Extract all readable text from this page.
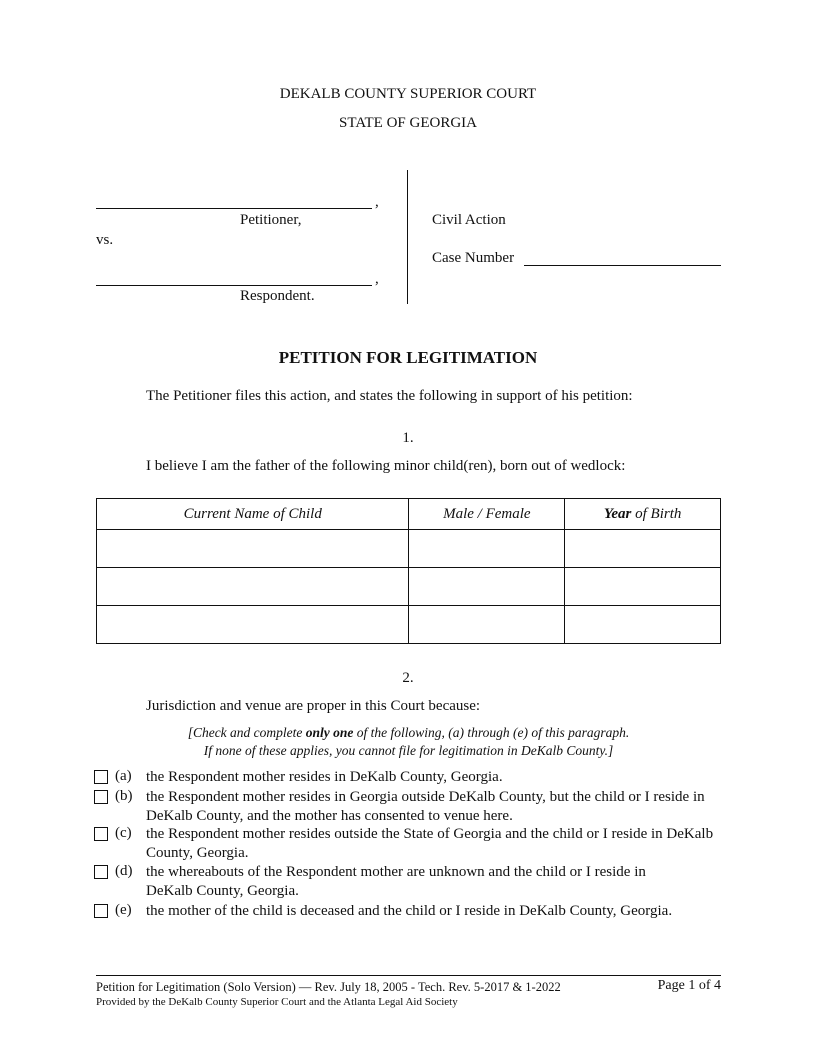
DEKALB COUNTY SUPERIOR COURT
STATE OF GEORGIA
,
Petitioner,
vs.
,
Respondent.
Civil Action
Case Number
PETITION FOR LEGITIMATION
The Petitioner files this action, and states the following in support of his petition:
1.
I believe I am the father of the following minor child(ren), born out of wedlock:
Current Name of Child	Male / Female	Year of Birth

2.
Jurisdiction and venue are proper in this Court because:
[Check and complete only one of the following, (a) through (e) of this paragraph.
If none of these applies, you cannot file for legitimation in DeKalb County.]
(a) the Respondent mother resides in DeKalb County, Georgia.
(b) the Respondent mother resides in Georgia outside DeKalb County, but the child or I reside in DeKalb County, and the mother has consented to venue here.
(c) the Respondent mother resides outside the State of Georgia and the child or I reside in DeKalb County, Georgia.
(d) the whereabouts of the Respondent mother are unknown and the child or I reside in DeKalb County, Georgia.
(e) the mother of the child is deceased and the child or I reside in DeKalb County, Georgia.
Petition for Legitimation (Solo Version) — Rev. July 18, 2005 - Tech. Rev. 5-2017 & 1-2022	Page 1 of 4
Provided by the DeKalb County Superior Court and the Atlanta Legal Aid Society
